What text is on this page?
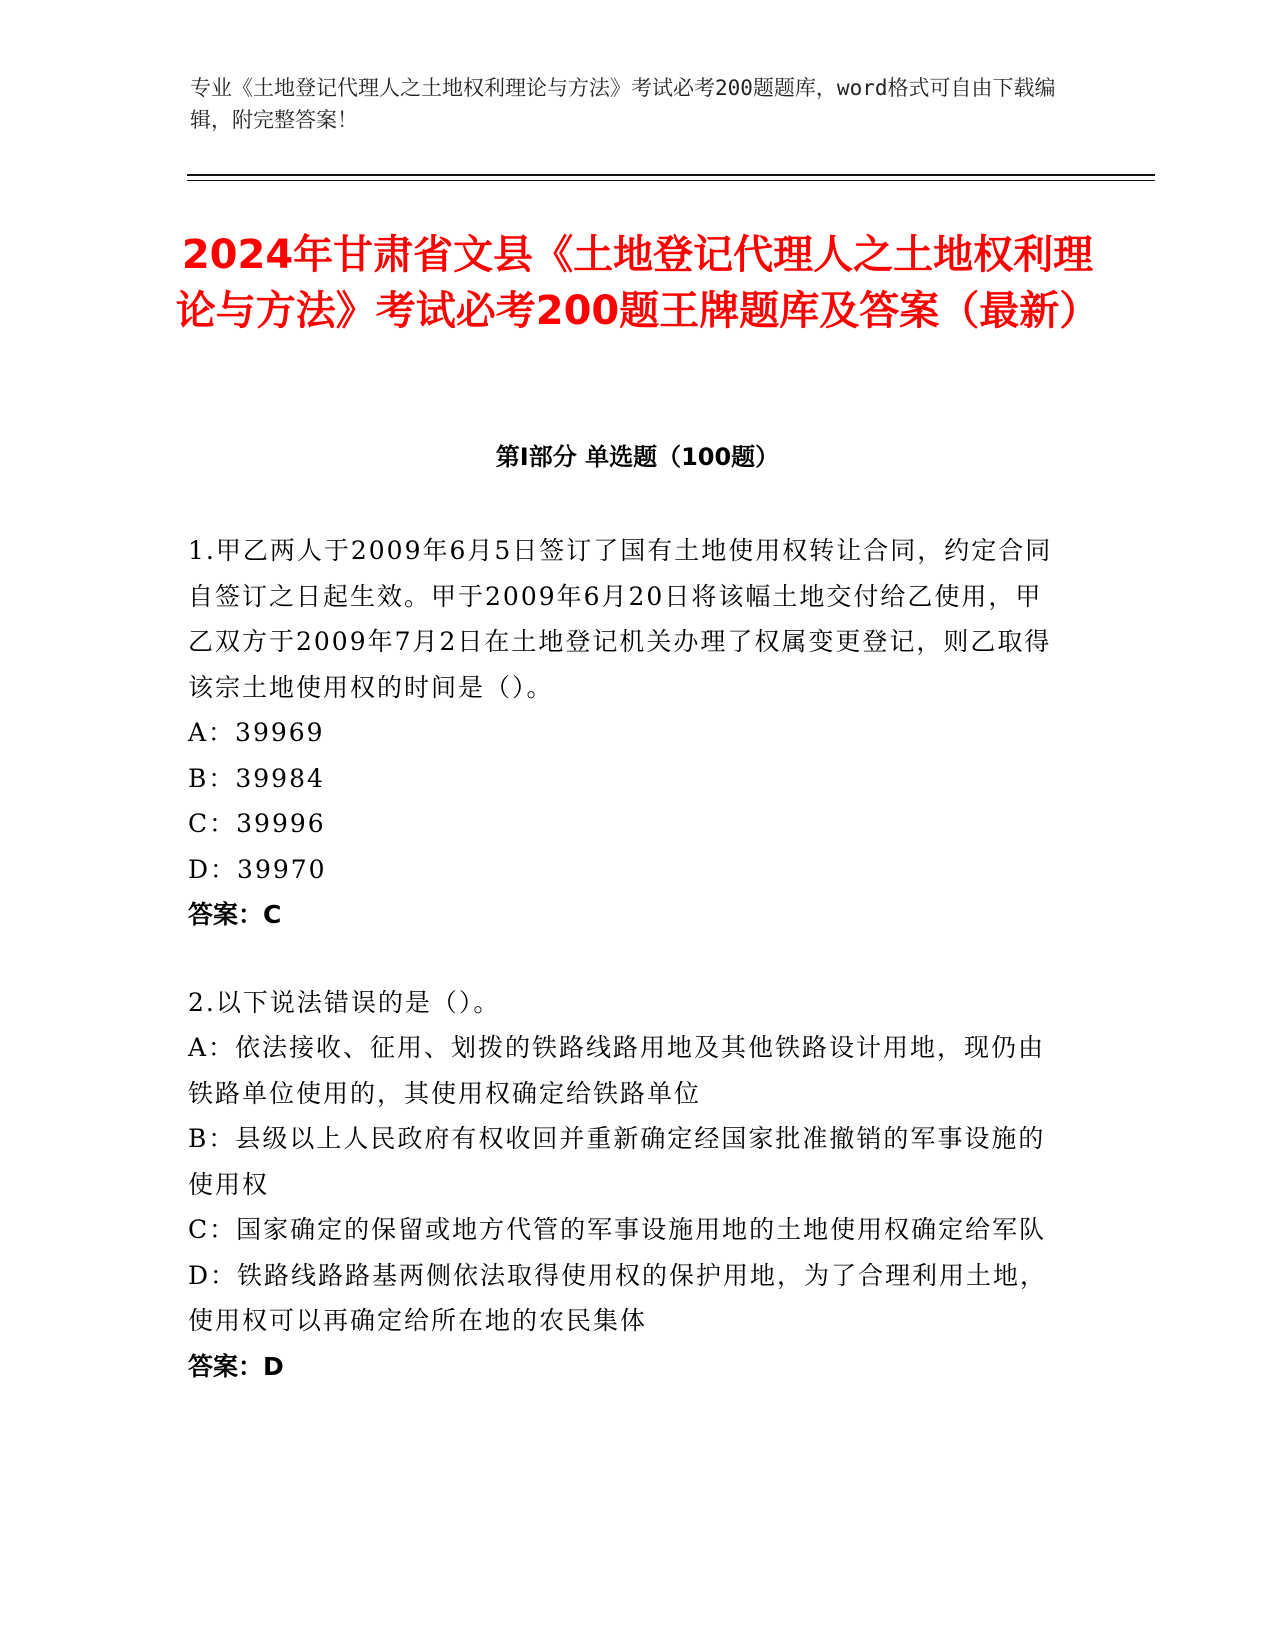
专业《土地登记代理人之土地权利理论与方法》考试必考200题题库，word格式可自由下载编辑，附完整答案！
2024年甘肃省文县《土地登记代理人之土地权利理论与方法》考试必考200题王牌题库及答案（最新）
第I部分 单选题（100题）

1.甲乙两人于2009年6月5日签订了国有土地使用权转让合同，约定合同自签订之日起生效。甲于2009年6月20日将该幅土地交付给乙使用，甲乙双方于2009年7月2日在土地登记机关办理了权属变更登记，则乙取得该宗土地使用权的时间是（）。

A：39969

B：39984

C：39996

D：39970

答案：C

2.以下说法错误的是（）。

A：依法接收、征用、划拨的铁路线路用地及其他铁路设计用地，现仍由铁路单位使用的，其使用权确定给铁路单位

B：县级以上人民政府有权收回并重新确定经国家批准撤销的军事设施的使用权

C：国家确定的保留或地方代管的军事设施用地的土地使用权确定给军队

D：铁路线路路基两侧依法取得使用权的保护用地，为了合理利用土地，使用权可以再确定给所在地的农民集体

答案：D
